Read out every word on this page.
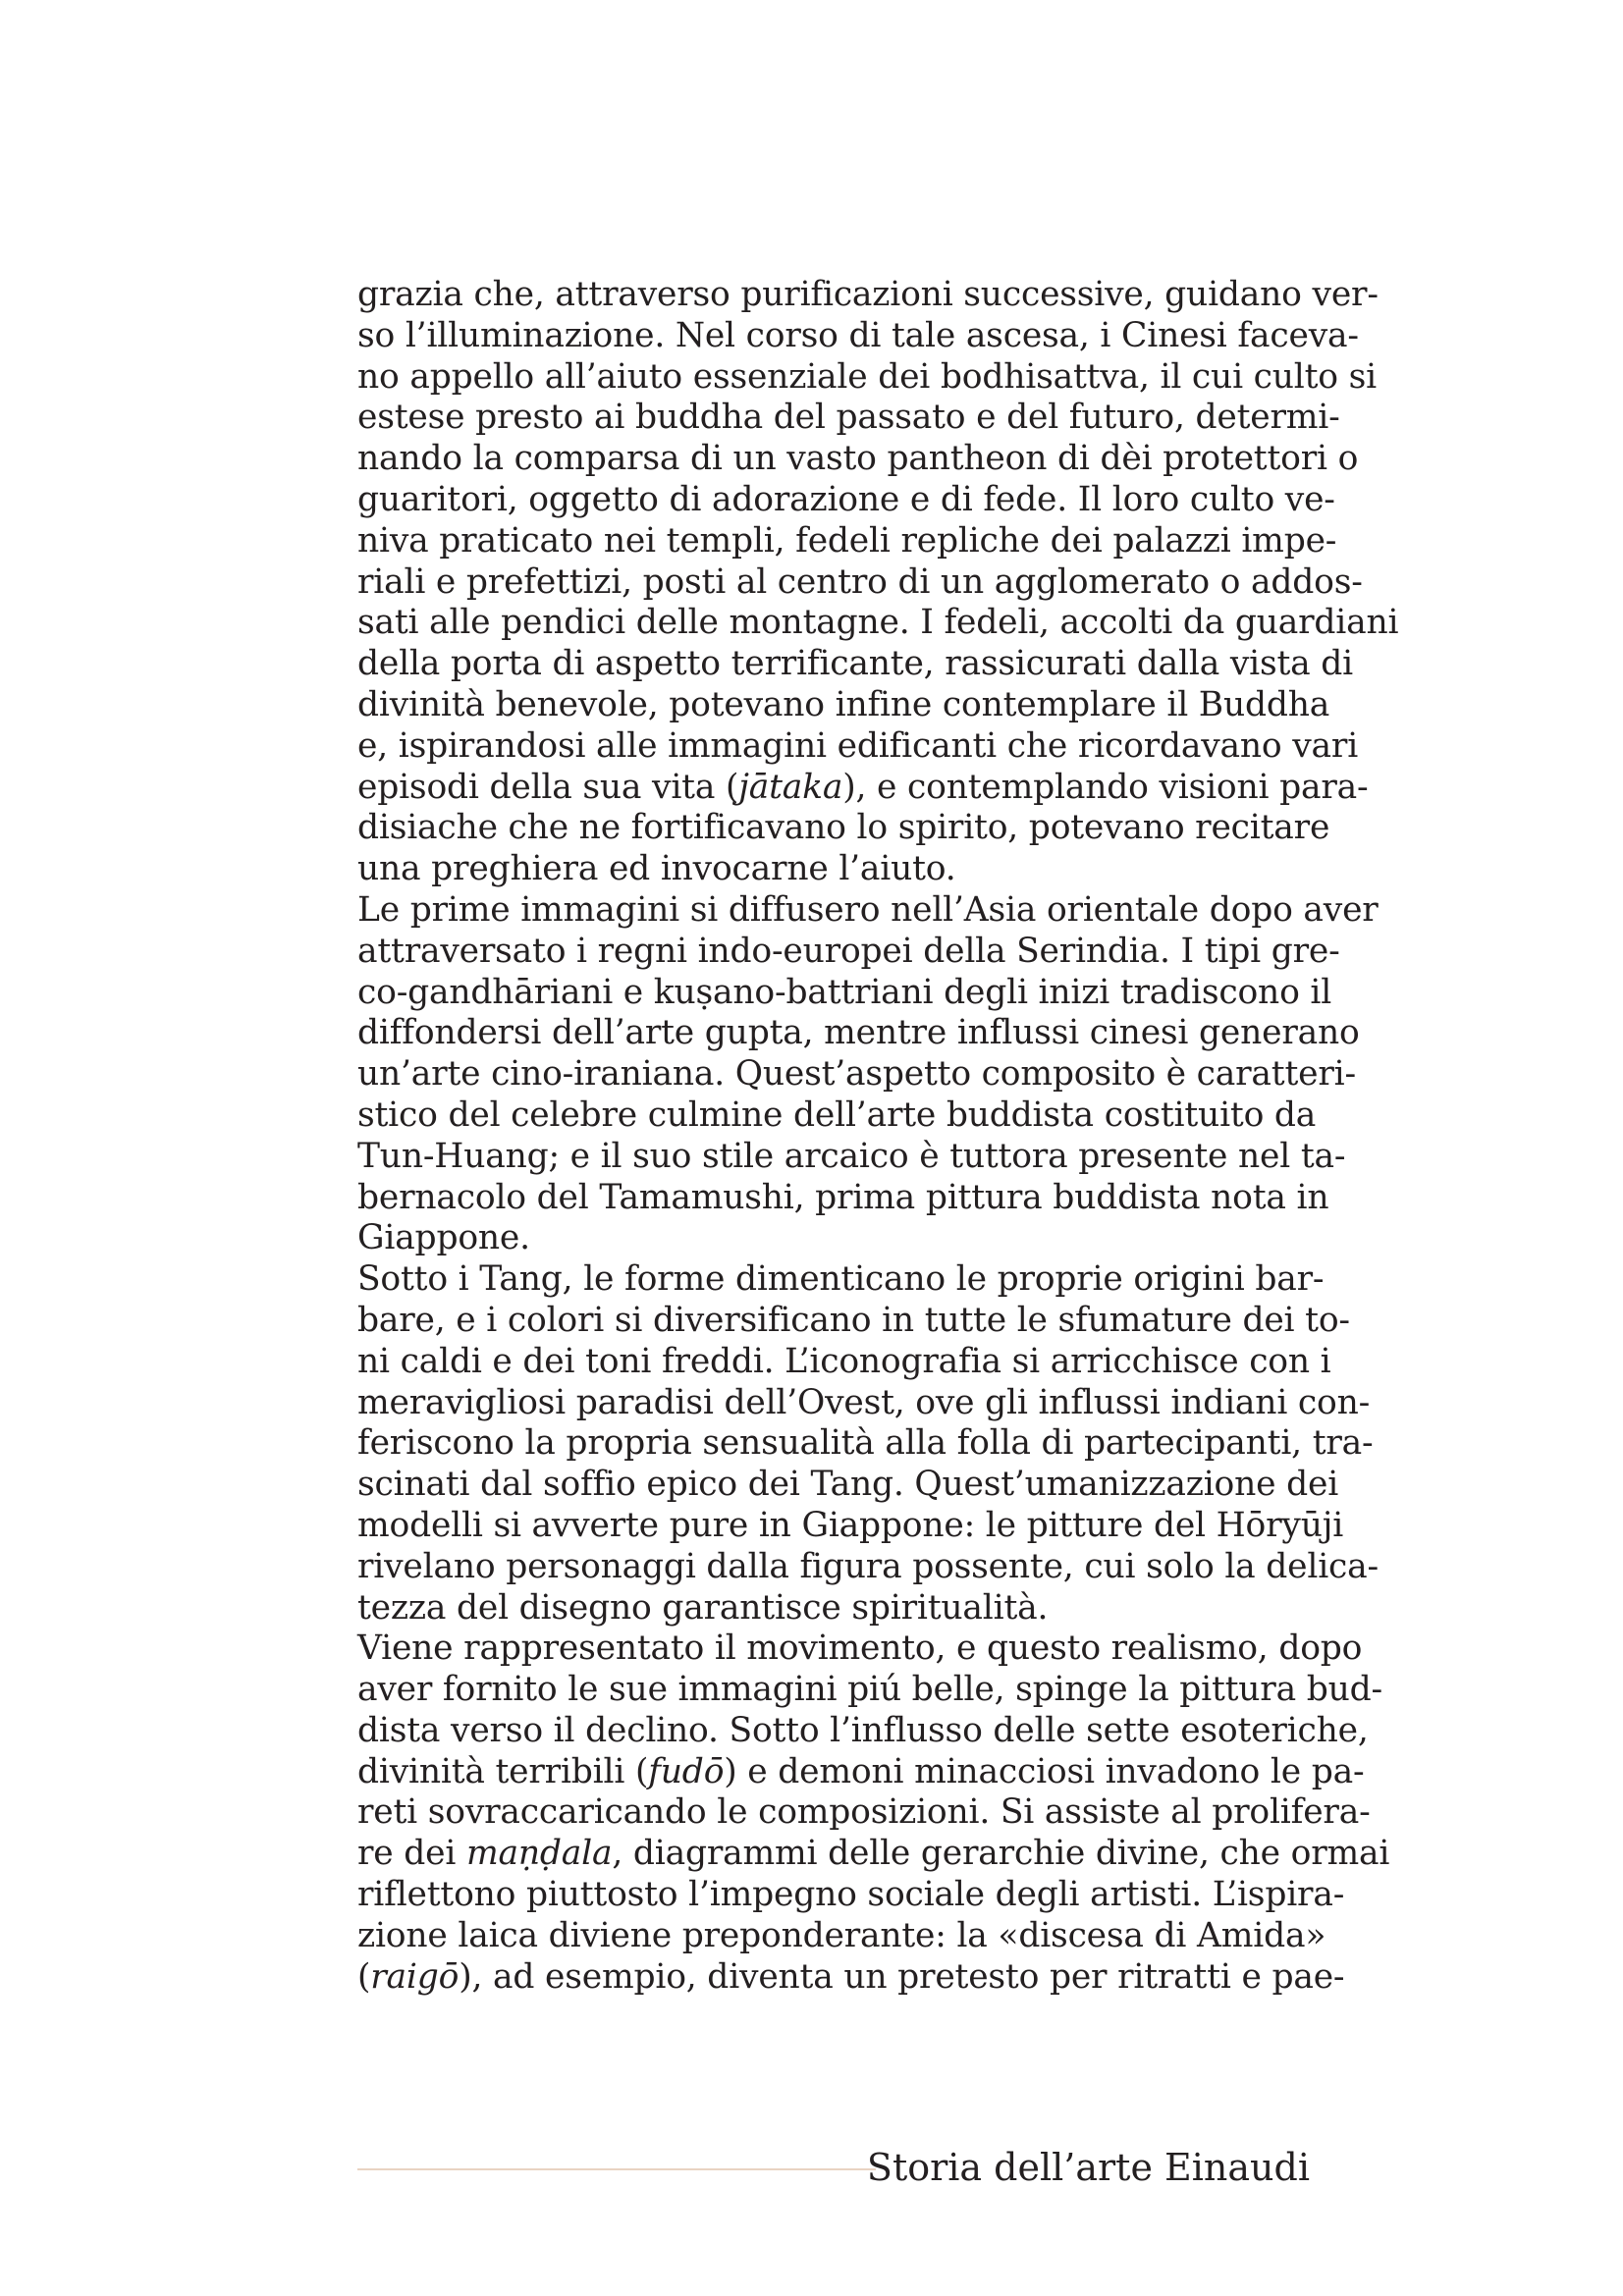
grazia che, attraverso purificazioni successive, guidano ver-
so l’illuminazione. Nel corso di tale ascesa, i Cinesi faceva-
no appello all’aiuto essenziale dei bodhisattva, il cui culto si
estese presto ai buddha del passato e del futuro, determi-
nando la comparsa di un vasto pantheon di dèi protettori o
guaritori, oggetto di adorazione e di fede. Il loro culto ve-
niva praticato nei templi, fedeli repliche dei palazzi impe-
riali e prefettizi, posti al centro di un agglomerato o addos-
sati alle pendici delle montagne. I fedeli, accolti da guardiani
della porta di aspetto terrificante, rassicurati dalla vista di
divinità benevole, potevano infine contemplare il Buddha
e, ispirandosi alle immagini edificanti che ricordavano vari
episodi della sua vita (jātaka), e contemplando visioni para-
disiache che ne fortificavano lo spirito, potevano recitare
una preghiera ed invocarne l’aiuto.
Le prime immagini si diffusero nell’Asia orientale dopo aver
attraversato i regni indo-europei della Serindia. I tipi gre-
co-gandhāriani e kuṣano-battriani degli inizi tradiscono il
diffondersi dell’arte gupta, mentre influssi cinesi generano
un’arte cino-iraniana. Quest’aspetto composito è caratteri-
stico del celebre culmine dell’arte buddista costituito da
Tun-Huang; e il suo stile arcaico è tuttora presente nel ta-
bernacolo del Tamamushi, prima pittura buddista nota in
Giappone.
Sotto i Tang, le forme dimenticano le proprie origini bar-
bare, e i colori si diversificano in tutte le sfumature dei to-
ni caldi e dei toni freddi. L’iconografia si arricchisce con i
meravigliosi paradisi dell’Ovest, ove gli influssi indiani con-
feriscono la propria sensualità alla folla di partecipanti, tra-
scinati dal soffio epico dei Tang. Quest’umanizzazione dei
modelli si avverte pure in Giappone: le pitture del Hōryūji
rivelano personaggi dalla figura possente, cui solo la delica-
tezza del disegno garantisce spiritualità.
Viene rappresentato il movimento, e questo realismo, dopo
aver fornito le sue immagini piú belle, spinge la pittura bud-
dista verso il declino. Sotto l’influsso delle sette esoteriche,
divinità terribili (fudō) e demoni minacciosi invadono le pa-
reti sovraccaricando le composizioni. Si assiste al prolifera-
re dei maṇḍala, diagrammi delle gerarchie divine, che ormai
riflettono piuttosto l’impegno sociale degli artisti. L’ispira-
zione laica diviene preponderante: la «discesa di Amida»
(raigō), ad esempio, diventa un pretesto per ritratti e pae-
Storia dell’arte Einaudi
